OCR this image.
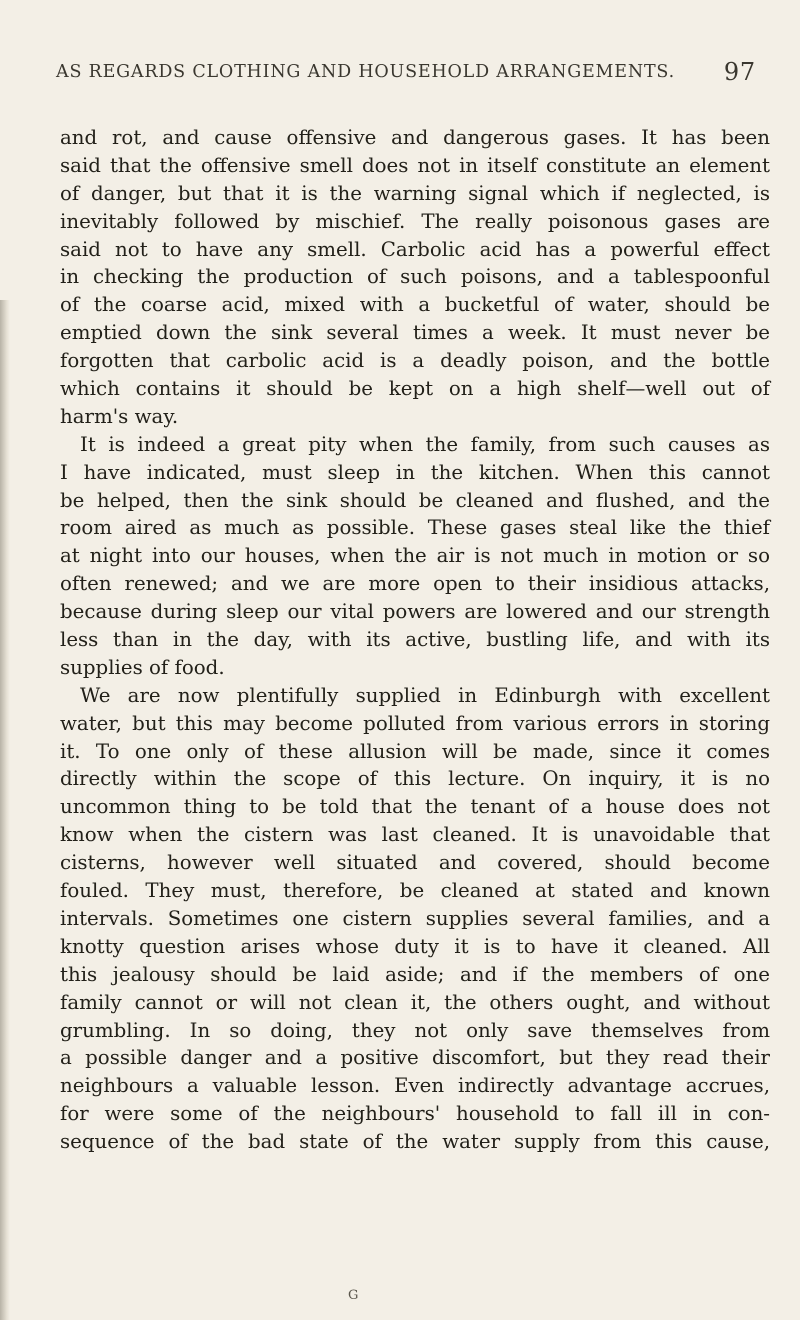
AS REGARDS CLOTHING AND HOUSEHOLD ARRANGEMENTS. 97
and rot, and cause offensive and dangerous gases. It has been
said that the offensive smell does not in itself constitute an element
of danger, but that it is the warning signal which if neglected, is
inevitably followed by mischief. The really poisonous gases are
said not to have any smell. Carbolic acid has a powerful effect
in checking the production of such poisons, and a tablespoonful
of the coarse acid, mixed with a bucketful of water, should be
emptied down the sink several times a week. It must never be
forgotten that carbolic acid is a deadly poison, and the bottle
which contains it should be kept on a high shelf—well out of
harm's way.
It is indeed a great pity when the family, from such causes as
I have indicated, must sleep in the kitchen. When this cannot
be helped, then the sink should be cleaned and flushed, and the
room aired as much as possible. These gases steal like the thief
at night into our houses, when the air is not much in motion or so
often renewed; and we are more open to their insidious attacks,
because during sleep our vital powers are lowered and our strength
less than in the day, with its active, bustling life, and with its
supplies of food.
We are now plentifully supplied in Edinburgh with excellent
water, but this may become polluted from various errors in storing
it. To one only of these allusion will be made, since it comes
directly within the scope of this lecture. On inquiry, it is no
uncommon thing to be told that the tenant of a house does not
know when the cistern was last cleaned. It is unavoidable that
cisterns, however well situated and covered, should become
fouled. They must, therefore, be cleaned at stated and known
intervals. Sometimes one cistern supplies several families, and a
knotty question arises whose duty it is to have it cleaned. All
this jealousy should be laid aside; and if the members of one
family cannot or will not clean it, the others ought, and without
grumbling. In so doing, they not only save themselves from
a possible danger and a positive discomfort, but they read their
neighbours a valuable lesson. Even indirectly advantage accrues,
for were some of the neighbours' household to fall ill in con-
sequence of the bad state of the water supply from this cause,
G
